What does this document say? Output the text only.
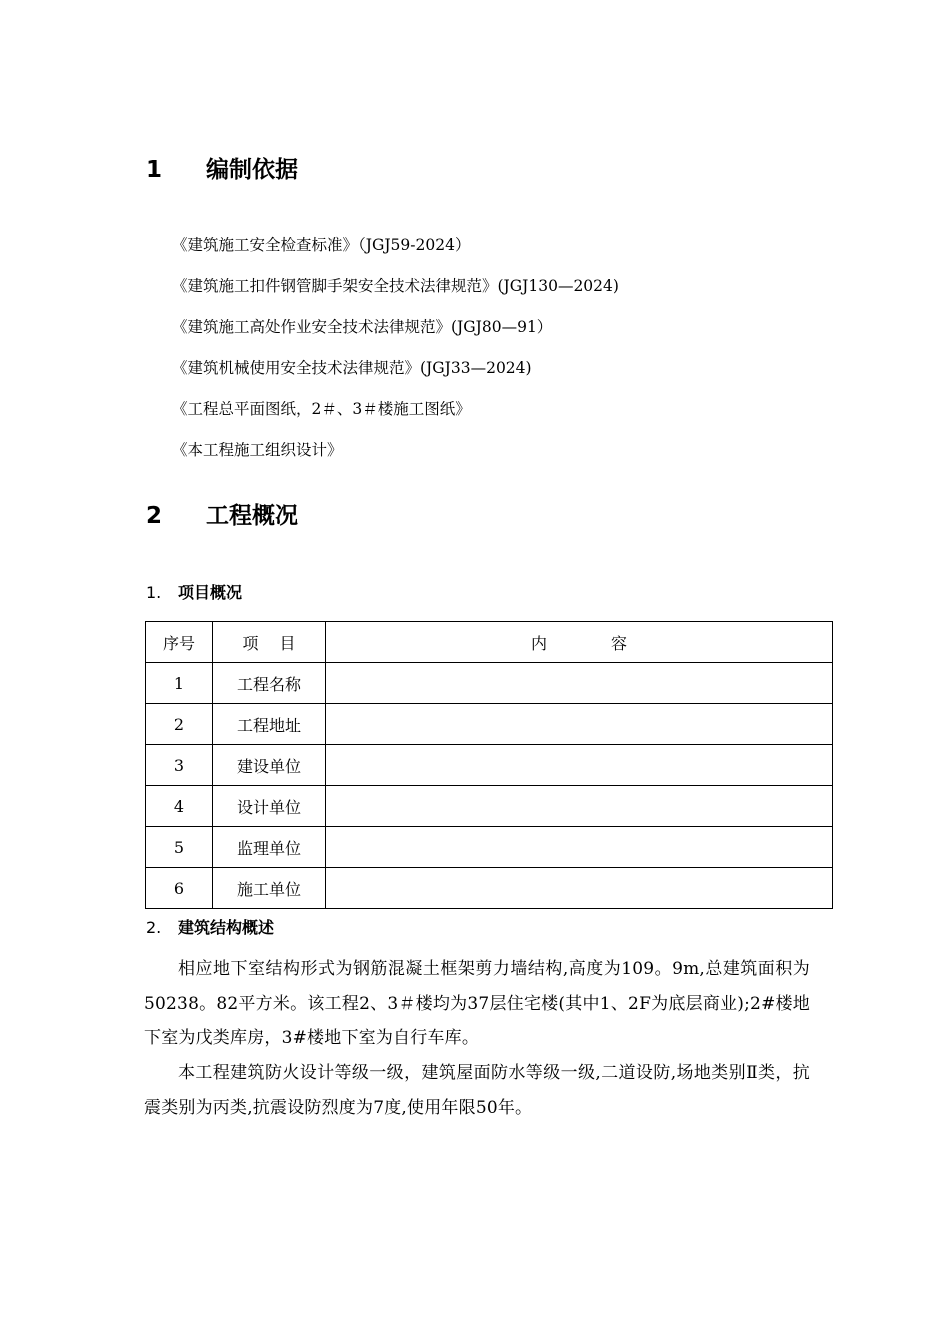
1 编制依据
《建筑施工安全检查标准》（JGJ59-2024）
《建筑施工扣件钢管脚手架安全技术法律规范》(JGJ130—2024)
《建筑施工高处作业安全技术法律规范》(JGJ80—91）
《建筑机械使用安全技术法律规范》(JGJ33—2024)
《工程总平面图纸，2＃、3＃楼施工图纸》
《本工程施工组织设计》
2 工程概况
1. 项目概况
序号	项　 目	内　　　　容
1	工程名称	
2	工程地址	
3	建设单位	
4	设计单位	
5	监理单位	
6	施工单位	
2. 建筑结构概述
相应地下室结构形式为钢筋混凝土框架剪力墙结构,高度为109。9m,总建筑面积为50238。82平方米。该工程2、3＃楼均为37层住宅楼(其中1、2F为底层商业);2#楼地下室为戊类库房，3#楼地下室为自行车库。
本工程建筑防火设计等级一级，建筑屋面防水等级一级,二道设防,场地类别Ⅱ类，抗震类别为丙类,抗震设防烈度为7度,使用年限50年。
